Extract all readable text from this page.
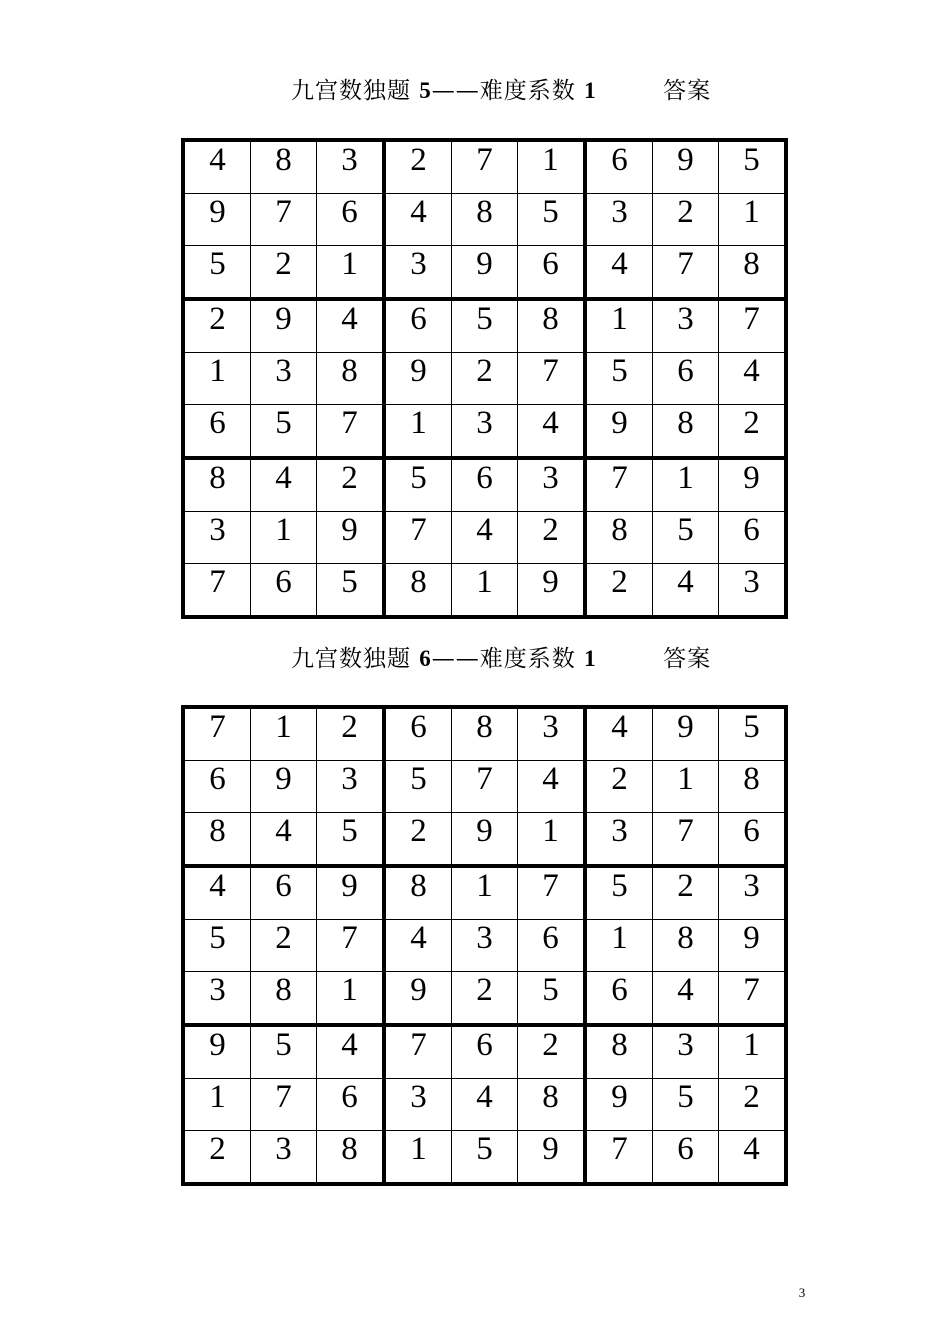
九宫数独题 5——难度系数 1	答案
4	8	3	2	7	1	6	9	5
9	7	6	4	8	5	3	2	1
5	2	1	3	9	6	4	7	8
2	9	4	6	5	8	1	3	7
1	3	8	9	2	7	5	6	4
6	5	7	1	3	4	9	8	2
8	4	2	5	6	3	7	1	9
3	1	9	7	4	2	8	5	6
7	6	5	8	1	9	2	4	3
九宫数独题 6——难度系数 1	答案
7	1	2	6	8	3	4	9	5
6	9	3	5	7	4	2	1	8
8	4	5	2	9	1	3	7	6
4	6	9	8	1	7	5	2	3
5	2	7	4	3	6	1	8	9
3	8	1	9	2	5	6	4	7
9	5	4	7	6	2	8	3	1
1	7	6	3	4	8	9	5	2
2	3	8	1	5	9	7	6	4
3
